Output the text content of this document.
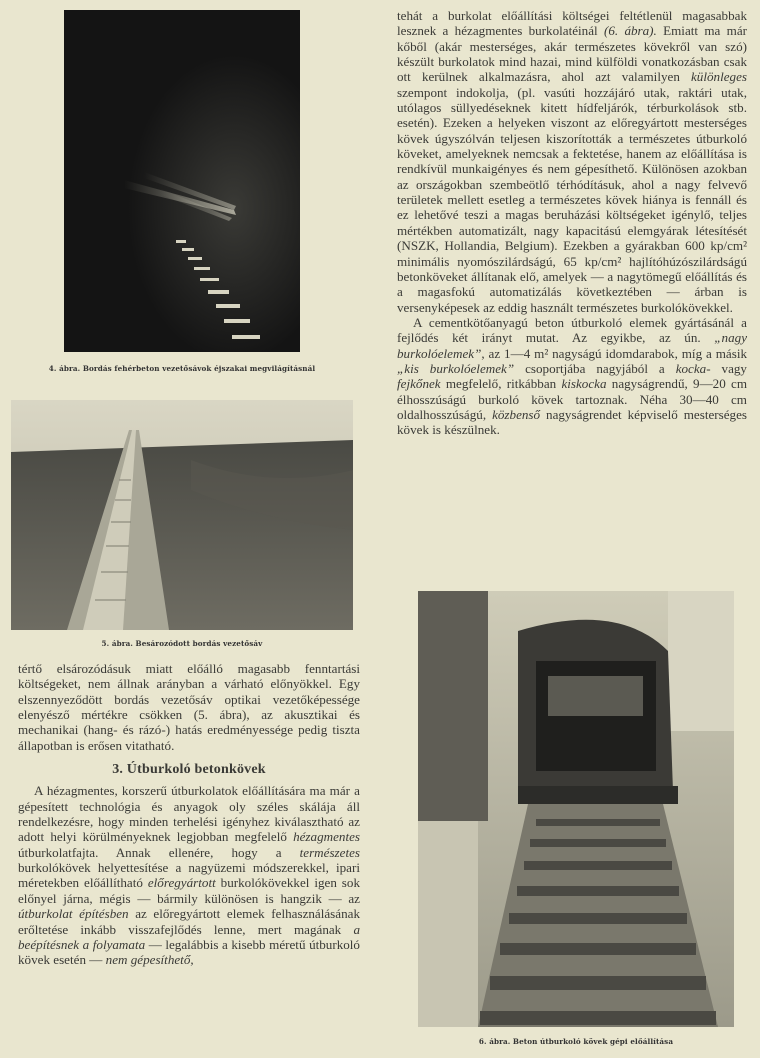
4. ábra. Bordás fehérbeton vezetősávok éjszakai megvilágításnál
5. ábra. Besározódott bordás vezetősáv
6. ábra. Beton útburkoló kövek gépi előállítása

tértő elsározódásuk miatt előálló magasabb fenntartási költségeket, nem állnak arányban a várható előnyökkel. Egy elszennyeződött bordás vezetősáv optikai vezetőképessége elenyésző mértékre csökken (5. ábra), az akusztikai és mechanikai (hang- és rázó-) hatás eredményessége pedig tiszta állapotban is erősen vitatható.

3. Útburkoló betonkövek

A hézagmentes, korszerű útburkolatok előállítására ma már a gépesített technológia és anyagok oly széles skálája áll rendelkezésre, hogy minden terhelési igényhez kiválasztható az adott helyi körülményeknek legjobban megfelelő hézagmentes útburkolatfajta. Annak ellenére, hogy a természetes burkolókövek helyettesítése a nagyüzemi módszerekkel, ipari méretekben előállítható előregyártott burkolókövekkel igen sok előnyel járna, mégis — bármily különösen is hangzik — az útburkolat építésben az előregyártott elemek felhasználásának erőltetése inkább visszafejlődés lenne, mert magának a beépítésnek a folyamata — legalábbis a kisebb méretű útburkoló kövek esetén — nem gépesíthető,

tehát a burkolat előállítási költségei feltétlenül magasabbak lesznek a hézagmentes burkolatéinál (6. ábra). Emiatt ma már kőből (akár mesterséges, akár természetes kövekről van szó) készült burkolatok mind hazai, mind külföldi vonatkozásban csak ott kerülnek alkalmazásra, ahol azt valamilyen különleges szempont indokolja, (pl. vasúti hozzájáró utak, raktári utak, utólagos süllyedéseknek kitett hídfeljárók, térburkolások stb. esetén). Ezeken a helyeken viszont az előregyártott mesterséges kövek úgyszólván teljesen kiszorították a természetes útburkoló köveket, amelyeknek nemcsak a fektetése, hanem az előállítása is rendkívül munkaigényes és nem gépesíthető. Különösen azokban az országokban szembeötlő térhódításuk, ahol a nagy felvevő területek mellett esetleg a természetes kövek hiánya is fennáll és ez lehetővé teszi a magas beruházási költségeket igénylő, teljes mértékben automatizált, nagy kapacitású elemgyárak létesítését (NSZK, Hollandia, Belgium). Ezekben a gyárakban 600 kp/cm² minimális nyomószilárdságú, 65 kp/cm² hajlítóhúzószilárdságú betonköveket állítanak elő, amelyek — a nagytömegű előállítás és a magasfokú automatizálás következtében — árban is versenyképesek az eddig használt természetes burkolókövekkel.

A cementkötőanyagú beton útburkoló elemek gyártásánál a fejlődés két irányt mutat. Az egyikbe, az ún. „nagy burkolóelemek”, az 1—4 m² nagyságú idomdarabok, míg a másik „kis burkolóelemek” csoportjába nagyjából a kocka- vagy fejkőnek megfelelő, ritkábban kiskocka nagyságrendű, 9—20 cm élhosszúságú burkoló kövek tartoznak. Néha 30—40 cm oldalhosszúságú, közbenső nagyságrendet képviselő mesterséges kövek is készülnek.
